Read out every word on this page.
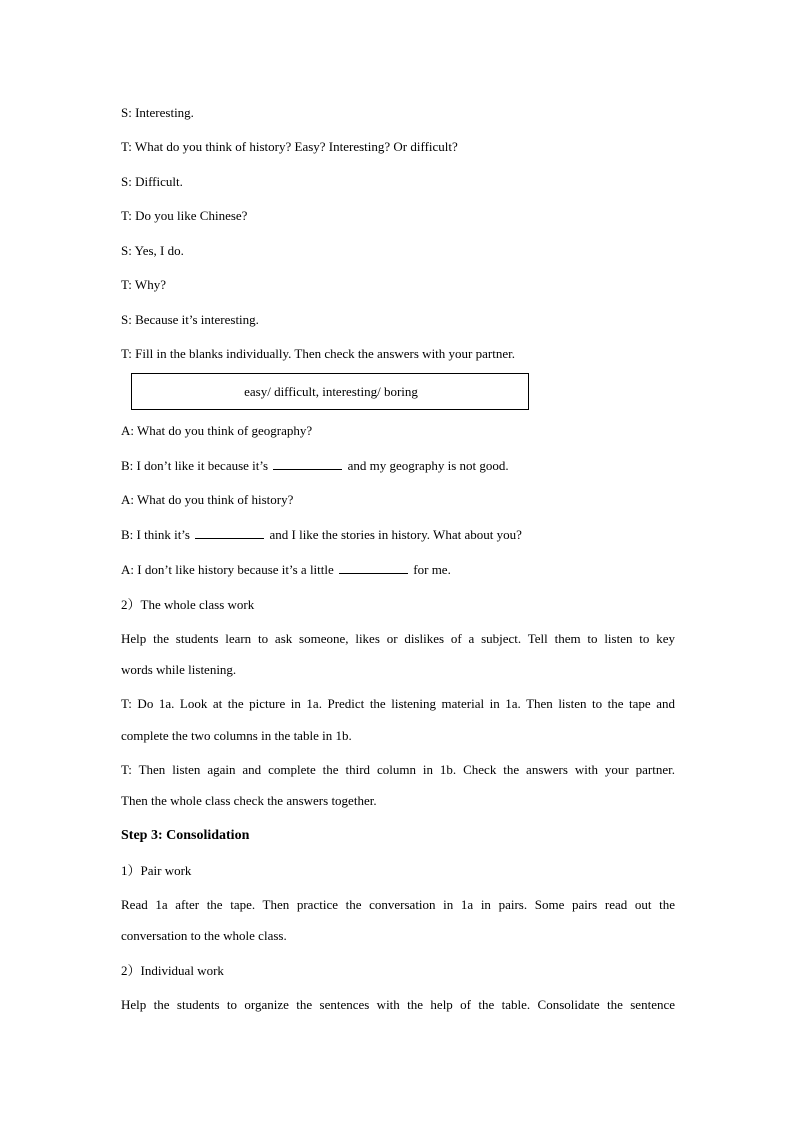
S: Interesting.
T: What do you think of history? Easy? Interesting? Or difficult?
S: Difficult.
T: Do you like Chinese?
S: Yes, I do.
T: Why?
S: Because it’s interesting.
T: Fill in the blanks individually. Then check the answers with your partner.
easy/ difficult, interesting/ boring
A: What do you think of geography?
B: I don’t like it because it’s	and my geography is not good.
A: What do you think of history?
B: I think it’s	and I like the stories in history. What about you?
A: I don’t like history because it’s a little	for me.
2）The whole class work
Help the students learn to ask someone, likes or dislikes of a subject. Tell them to listen to key
words while listening.
T: Do 1a. Look at the picture in 1a. Predict the listening material in 1a. Then listen to the tape and
complete the two columns in the table in 1b.
T: Then listen again and complete the third column in 1b. Check the answers with your partner.
Then the whole class check the answers together.
Step 3: Consolidation
1）Pair work
Read 1a after the tape. Then practice the conversation in 1a in pairs. Some pairs read out the
conversation to the whole class.
2）Individual work
Help the students to organize the sentences with the help of the table. Consolidate the sentence
